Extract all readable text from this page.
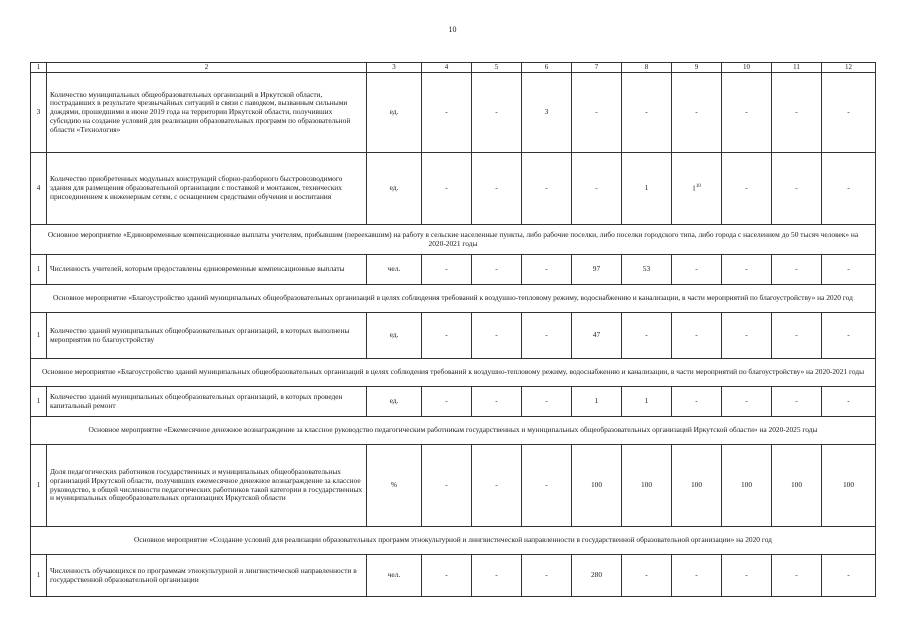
10
1	2	3	4	5	6	7	8	9	10	11	12
3	Количество муниципальных общеобразовательных организаций в Иркутской области, пострадавших в результате чрезвычайных ситуаций в связи с паводком, вызванным сильными дождями, прошедшими в июне 2019 года на территории Иркутской области, получивших субсидию на создание условий для реализации образовательных программ по образовательной области «Технология»	ед.	-	-	3	-	-	-	-	-	-
4	Количество приобретенных модульных конструкций сборно-разборного быстровозводимого здания для размещения образовательной организации с поставкой и монтажом, технических присоединением к инженерным сетям, с оснащением средствами обучения и воспитания	ед.	-	-	-	-	1	$1^{10}$	-	-	-
Основное мероприятие «Единовременные компенсационные выплаты учителям, прибывшим (переехавшим) на работу в сельские населенные пункты, либо рабочие поселки, либо поселки городского типа, либо города с населением до 50 тысяч человек» на 2020-2021 годы											
1	Численность учителей, которым предоставлены единовременные компенсационные выплаты	чел.	-	-	-	97	53	-	-	-	-
Основное мероприятие «Благоустройство зданий муниципальных общеобразовательных организаций в целях соблюдения требований к воздушно-тепловому режиму, водоснабжению и канализации, в части мероприятий по благоустройству» на 2020 год											
1	Количество зданий муниципальных общеобразовательных организаций, в которых выполнены мероприятия по благоустройству	ед.	-	-	-	47	-	-	-	-	-
Основное мероприятие «Благоустройство зданий муниципальных общеобразовательных организаций в целях соблюдения требований к воздушно-тепловому режиму, водоснабжению и канализации, в части мероприятий по благоустройству» на 2020-2021 годы											
1	Количество зданий муниципальных общеобразовательных организаций, в которых проведен капитальный ремонт	ед.	-	-	-	1	1	-	-	-	-
Основное мероприятие «Ежемесячное денежное вознаграждение за классное руководство педагогическим работникам государственных и муниципальных общеобразовательных организаций Иркутской области» на 2020-2025 годы											
1	Доля педагогических работников государственных и муниципальных общеобразовательных организаций Иркутской области, получивших ежемесячное денежное вознаграждение за классное руководство, в общей численности педагогических работников такой категории в государственных и муниципальных общеобразовательных организациях Иркутской области	%	-	-	-	100	100	100	100	100	100
Основное мероприятие «Создание условий для реализации образовательных программ этнокультурной и лингвистической направленности в государственной образовательной организации» на 2020 год											
1	Численность обучающихся по программам этнокультурной и лингвистической направленности в государственной образовательной организации	чел.	-	-	-	280	-	-	-	-	-
